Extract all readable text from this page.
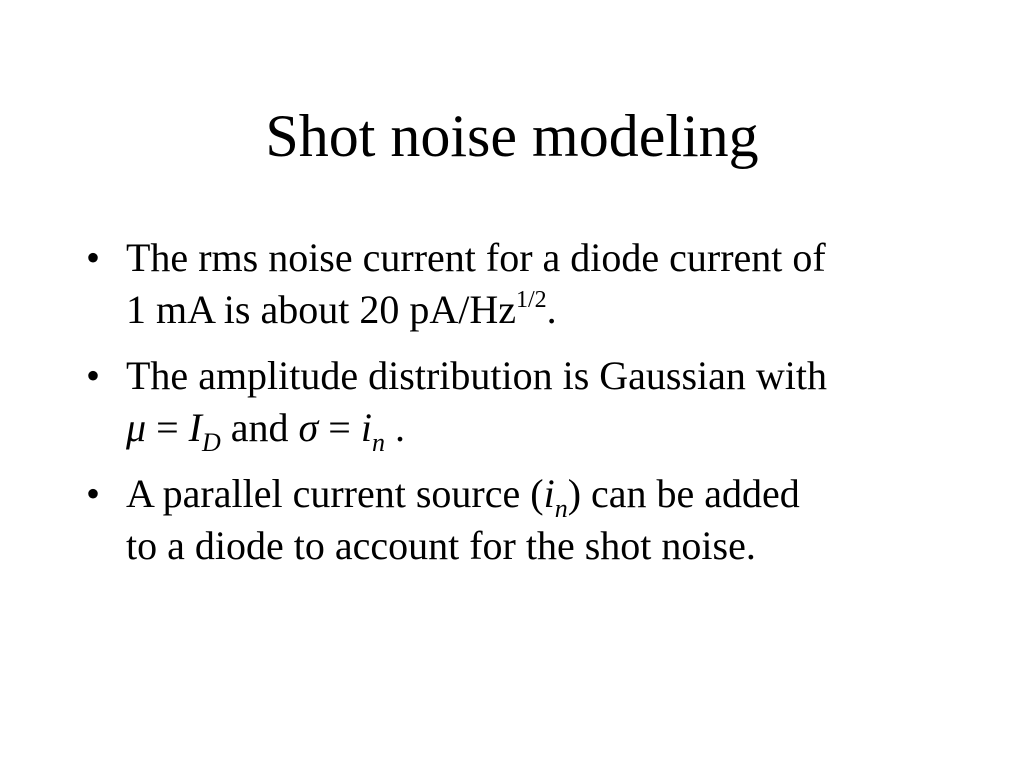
Shot noise modeling
• The rms noise current for a diode current of
1 mA is about 20 $pA/Hz^{1/2}$.
• The amplitude distribution is Gaussian with
$\mu = I_D$ and $\sigma = i_n$ .
• A parallel current source $(i_n)$ can be added
to a diode to account for the shot noise.
